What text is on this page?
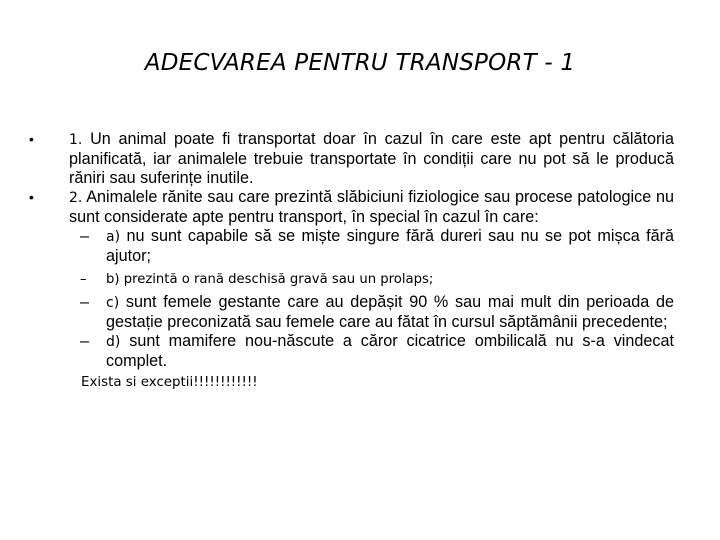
ADECVAREA PENTRU TRANSPORT - 1
•	1. Un animal poate fi transportat doar în cazul în care este apt pentru călătoria planificată, iar animalele trebuie transportate în condiții care nu pot să le producă răniri sau suferințe inutile.
•	2. Animalele rănite sau care prezintă slăbiciuni fiziologice sau procese patologice nu sunt considerate apte pentru transport, în special în cazul în care:
– a) nu sunt capabile să se miște singure fără dureri sau nu se pot mișca fără ajutor;
– b) prezintă o rană deschisă gravă sau un prolaps;
– c) sunt femele gestante care au depășit 90 % sau mai mult din perioada de gestație preconizată sau femele care au fătat în cursul săptămânii precedente;
– d) sunt mamifere nou-născute a căror cicatrice ombilicală nu s-a vindecat complet.
Exista si exceptii!!!!!!!!!!!!
